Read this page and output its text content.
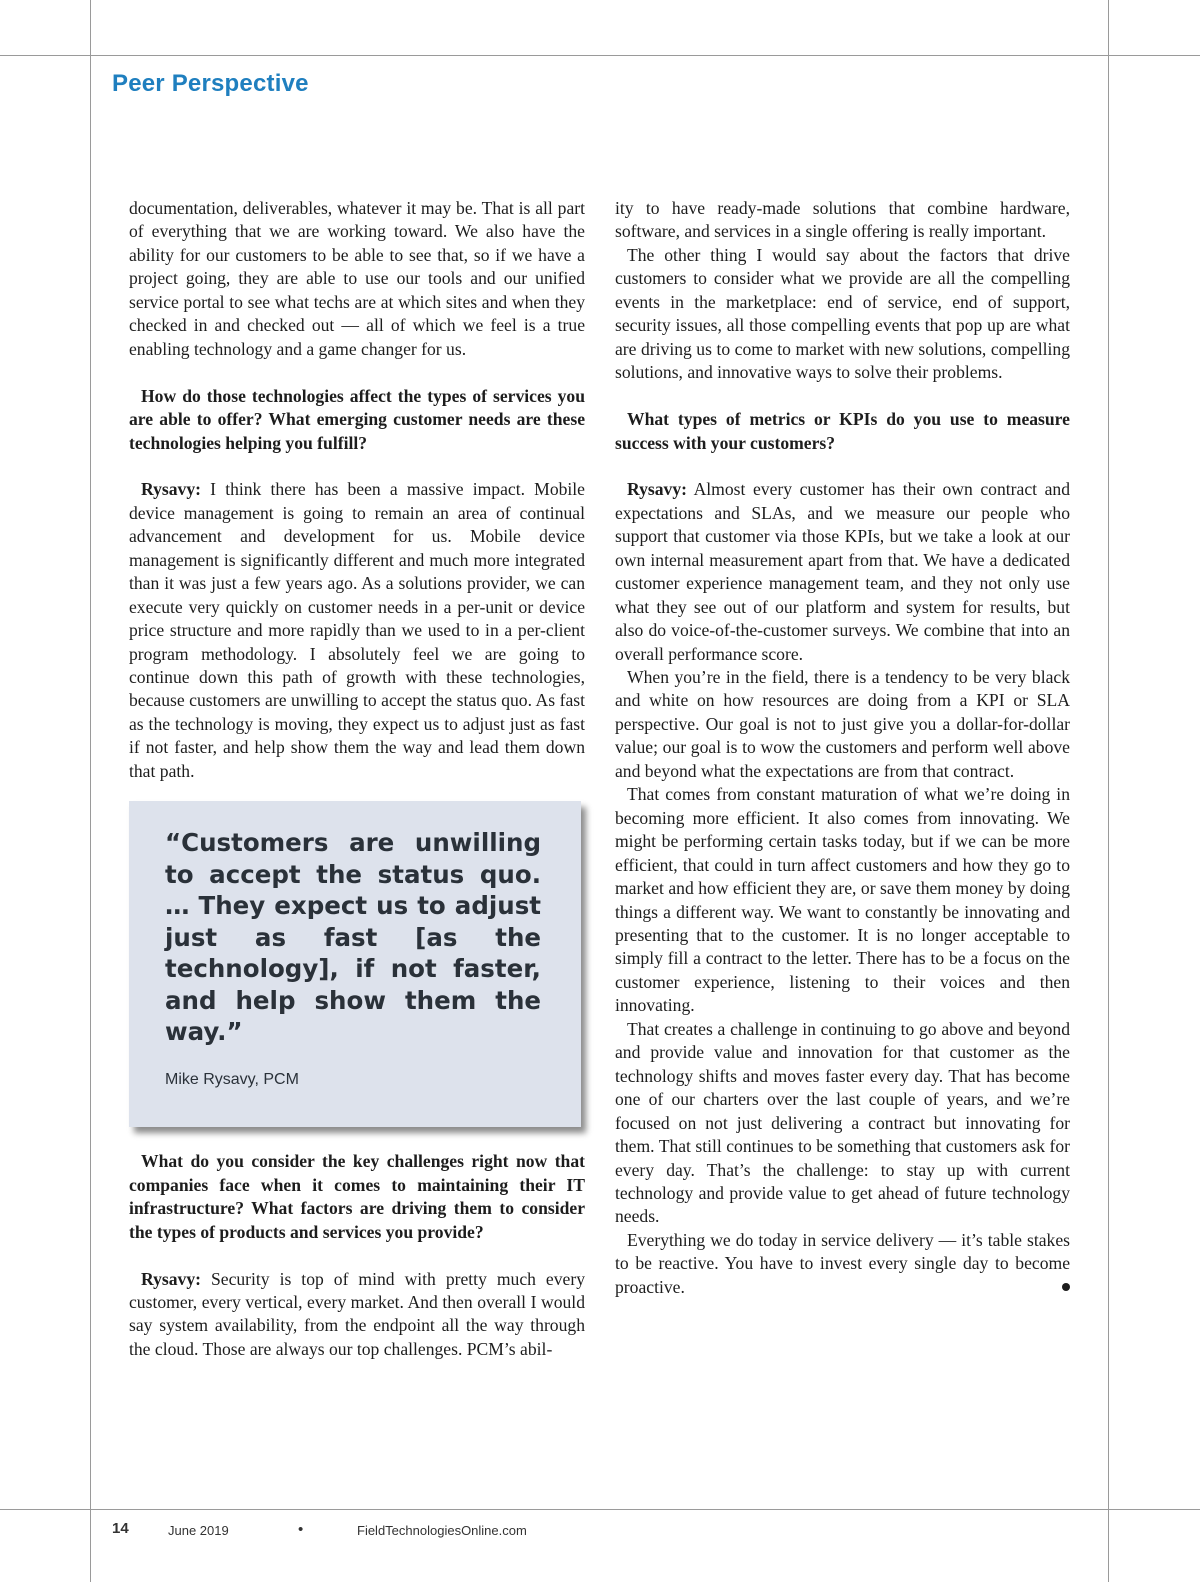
Peer Perspective

documentation, deliverables, whatever it may be. That is all part of everything that we are working toward. We also have the ability for our customers to be able to see that, so if we have a project going, they are able to use our tools and our unified service portal to see what techs are at which sites and when they checked in and checked out — all of which we feel is a true enabling technology and a game changer for us.

How do those technologies affect the types of services you are able to offer? What emerging customer needs are these technologies helping you fulfill?

Rysavy: I think there has been a massive impact. Mobile device management is going to remain an area of continual advancement and development for us. Mobile device management is significantly different and much more integrated than it was just a few years ago. As a solutions provider, we can execute very quickly on customer needs in a per-unit or device price structure and more rapidly than we used to in a per-client program methodology. I absolutely feel we are going to continue down this path of growth with these technologies, because customers are unwilling to accept the status quo. As fast as the technology is moving, they expect us to adjust just as fast if not faster, and help show them the way and lead them down that path.

“Customers are unwilling to accept the status quo. … They expect us to adjust just as fast [as the technology], if not faster, and help show them the way.”

Mike Rysavy, PCM

What do you consider the key challenges right now that companies face when it comes to maintaining their IT infrastructure? What factors are driving them to consider the types of products and services you provide?

Rysavy: Security is top of mind with pretty much every customer, every vertical, every market. And then overall I would say system availability, from the endpoint all the way through the cloud. Those are always our top challenges. PCM’s abil-

ity to have ready-made solutions that combine hardware, software, and services in a single offering is really important.

The other thing I would say about the factors that drive customers to consider what we provide are all the compelling events in the marketplace: end of service, end of support, security issues, all those compelling events that pop up are what are driving us to come to market with new solutions, compelling solutions, and innovative ways to solve their problems.

What types of metrics or KPIs do you use to measure success with your customers?

Rysavy: Almost every customer has their own contract and expectations and SLAs, and we measure our people who support that customer via those KPIs, but we take a look at our own internal measurement apart from that. We have a dedicated customer experience management team, and they not only use what they see out of our platform and system for results, but also do voice-of-the-customer surveys. We combine that into an overall performance score.

When you’re in the field, there is a tendency to be very black and white on how resources are doing from a KPI or SLA perspective. Our goal is not to just give you a dollar-for-dollar value; our goal is to wow the customers and perform well above and beyond what the expectations are from that contract.

That comes from constant maturation of what we’re doing in becoming more efficient. It also comes from innovating. We might be performing certain tasks today, but if we can be more efficient, that could in turn affect customers and how they go to market and how efficient they are, or save them money by doing things a different way. We want to constantly be innovating and presenting that to the customer. It is no longer acceptable to simply fill a contract to the letter. There has to be a focus on the customer experience, listening to their voices and then innovating.

That creates a challenge in continuing to go above and beyond and provide value and innovation for that customer as the technology shifts and moves faster every day. That has become one of our charters over the last couple of years, and we’re focused on not just delivering a contract but innovating for them. That still continues to be something that customers ask for every day. That’s the challenge: to stay up with current technology and provide value to get ahead of future technology needs.

Everything we do today in service delivery — it’s table stakes to be reactive. You have to invest every single day to become proactive.

14	June 2019	•	FieldTechnologiesOnline.com
